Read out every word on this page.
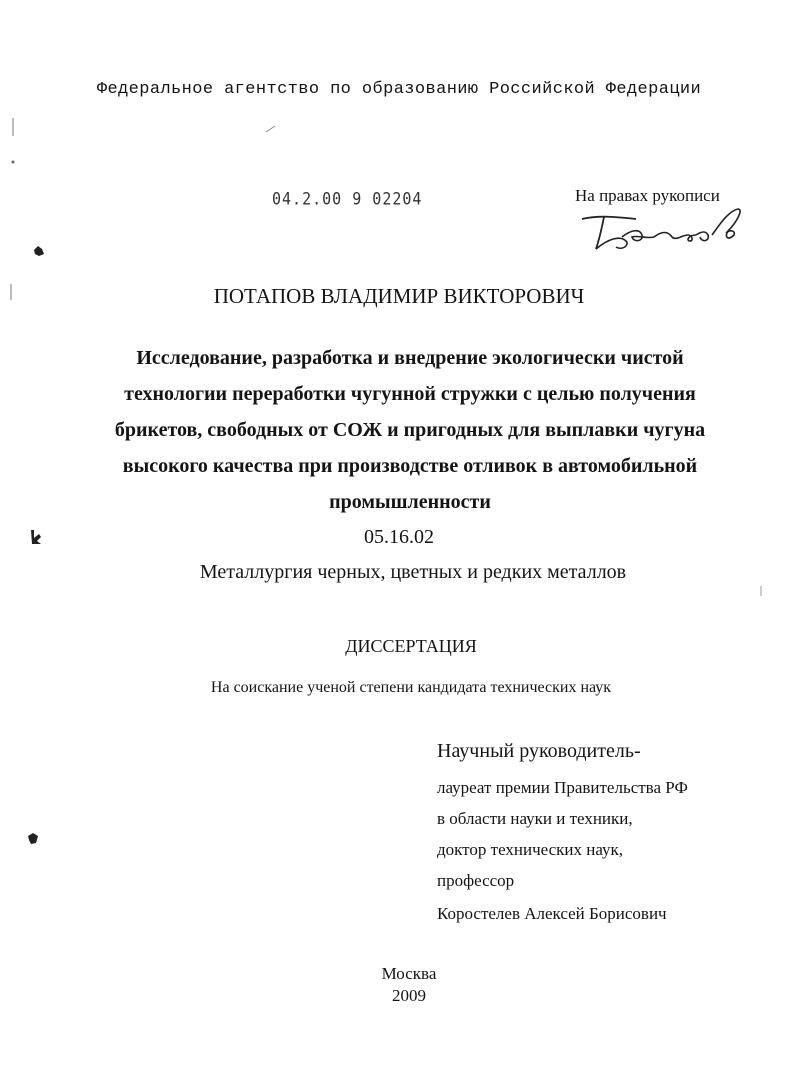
Федеральное агентство по образованию Российской Федерации
04.2.00 9 02204	На правах рукописи
ПОТАПОВ ВЛАДИМИР ВИКТОРОВИЧ
Исследование, разработка и внедрение экологически чистой
технологии переработки чугунной стружки с целью получения
брикетов, свободных от СОЖ и пригодных для выплавки чугуна
высокого качества при производстве отливок в автомобильной
промышленности
05.16.02
Металлургия черных, цветных и редких металлов
ДИССЕРТАЦИЯ
На соискание ученой степени кандидата технических наук
Научный руководитель-
лауреат премии Правительства РФ
в области науки и техники,
доктор технических наук,
профессор
Коростелев Алексей Борисович
Москва
2009
